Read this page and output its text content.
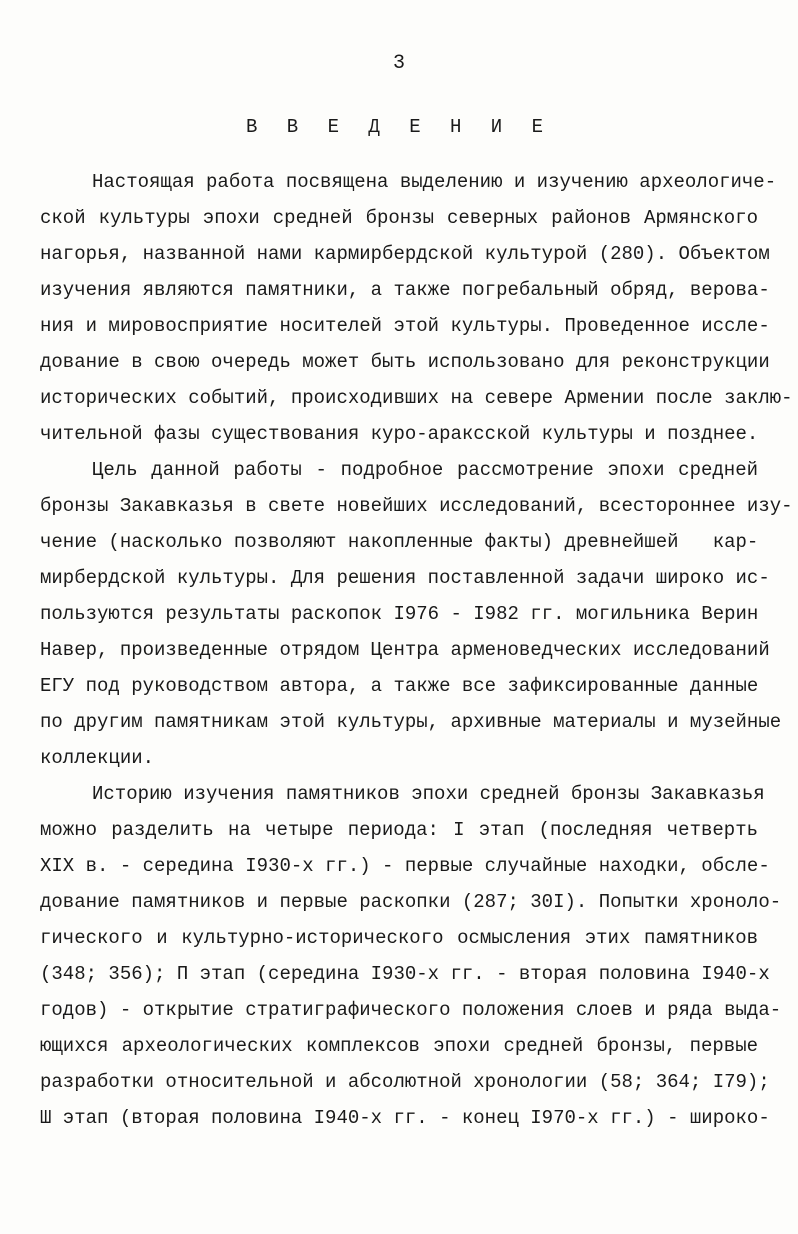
3
В В Е Д Е Н И Е
Настоящая работа посвящена выделению и изучению археологиче-
ской культуры эпохи средней бронзы северных районов Армянского
нагорья, названной нами кармирбердской культурой (280). Объектом
изучения являются памятники, а также погребальный обряд, верова-
ния и мировосприятие носителей этой культуры. Проведенное иссле-
дование в свою очередь может быть использовано для реконструкции
исторических событий, происходивших на севере Армении после заклю-
чительной фазы существования куро-араксской культуры и позднее.
Цель данной работы - подробное рассмотрение эпохи средней
бронзы Закавказья в свете новейших исследований, всестороннее изу-
чение (насколько позволяют накопленные факты) древнейшей   кар-
мирбердской культуры. Для решения поставленной задачи широко ис-
пользуются результаты раскопок I976 - I982 гг. могильника Верин
Навер, произведенные отрядом Центра арменоведческих исследований
ЕГУ под руководством автора, а также все зафиксированные данные
по другим памятникам этой культуры, архивные материалы и музейные
коллекции.
Историю изучения памятников эпохи средней бронзы Закавказья
можно разделить на четыре периода: I этап (последняя четверть
XIX в. - середина I930-х гг.) - первые случайные находки, обсле-
дование памятников и первые раскопки (287; 30I). Попытки хроноло-
гического и культурно-исторического осмысления этих памятников
(348; 356); П этап (середина I930-х гг. - вторая половина I940-х
годов) - открытие стратиграфического положения слоев и ряда выда-
ющихся археологических комплексов эпохи средней бронзы, первые
разработки относительной и абсолютной хронологии (58; 364; I79);
Ш этап (вторая половина I940-х гг. - конец I970-х гг.) - широко-
